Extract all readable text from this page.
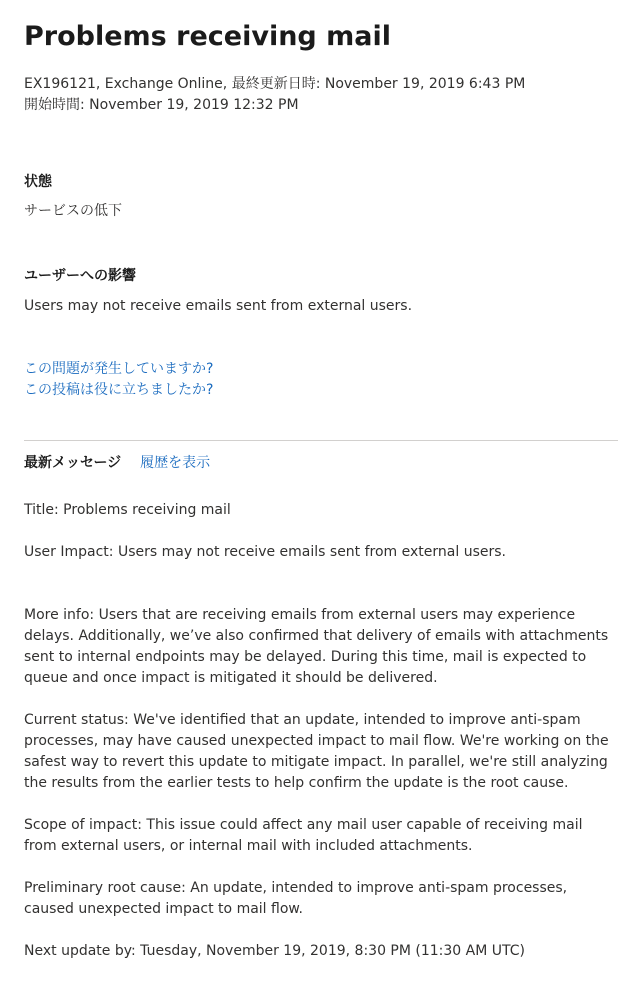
Problems receiving mail
EX196121, Exchange Online, 最終更新日時: November 19, 2019 6:43 PM
開始時間: November 19, 2019 12:32 PM
状態
サービスの低下
ユーザーへの影響
Users may not receive emails sent from external users.
この問題が発生していますか?
この投稿は役に立ちましたか?
最新メッセージ 履歴を表示
Title: Problems receiving mail
User Impact: Users may not receive emails sent from external users.
More info: Users that are receiving emails from external users may experience delays. Additionally, we’ve also confirmed that delivery of emails with attachments sent to internal endpoints may be delayed. During this time, mail is expected to queue and once impact is mitigated it should be delivered.
Current status: We've identified that an update, intended to improve anti-spam processes, may have caused unexpected impact to mail flow. We're working on the safest way to revert this update to mitigate impact. In parallel, we're still analyzing the results from the earlier tests to help confirm the update is the root cause.
Scope of impact: This issue could affect any mail user capable of receiving mail from external users, or internal mail with included attachments.
Preliminary root cause: An update, intended to improve anti-spam processes, caused unexpected impact to mail flow.
Next update by: Tuesday, November 19, 2019, 8:30 PM (11:30 AM UTC)
